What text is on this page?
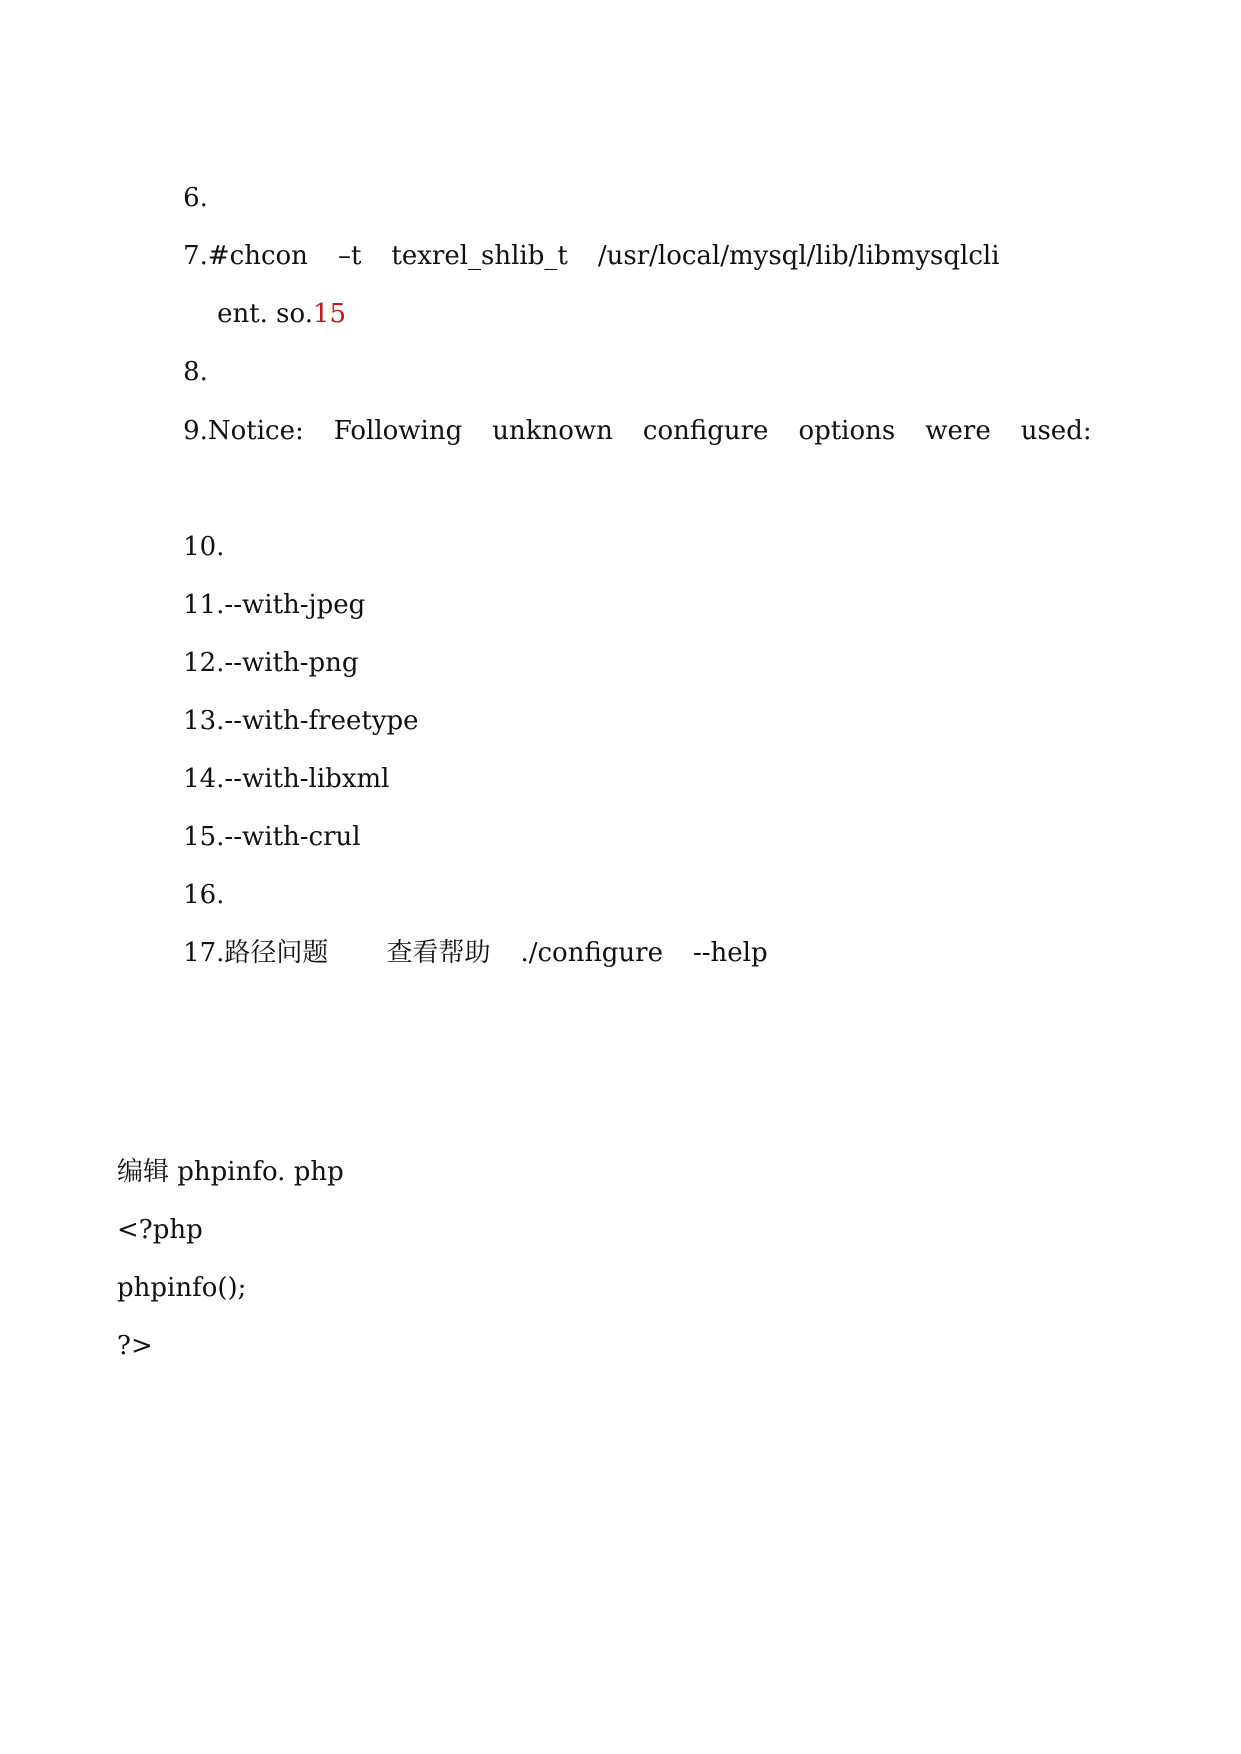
6.

7.#chcon –t texrel_shlib_t /usr/local/mysql/lib/libmysqlcli

ent. so.15

8.

9.Notice: Following unknown configure options were used:

10.

11.--with-jpeg

12.--with-png

13.--with-freetype

14.--with-libxml

15.--with-crul

16.

17.路径问题 查看帮助 ./configure --help

编辑 phpinfo. php
<?php
phpinfo();
?>
